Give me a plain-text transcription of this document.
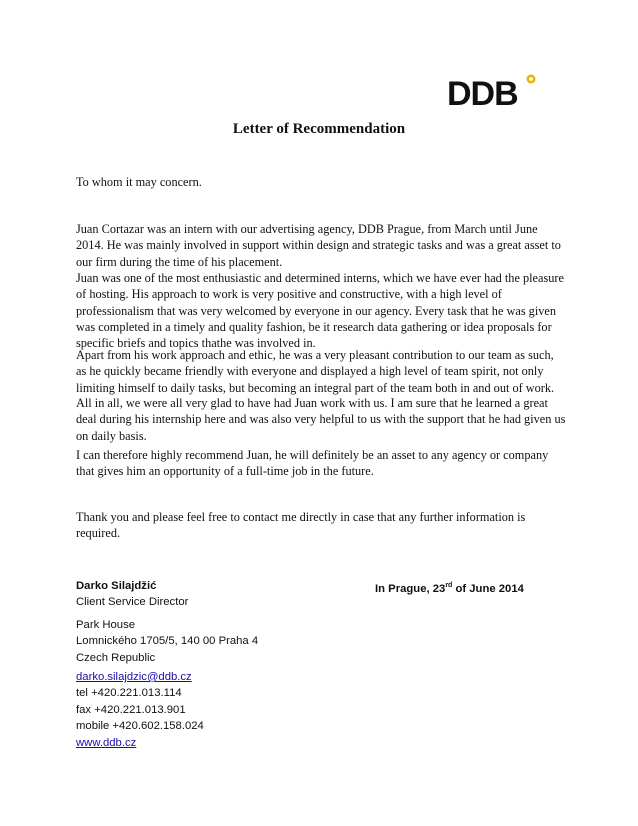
DDB
Letter of Recommendation

To whom it may concern.

Juan Cortazar was an intern with our advertising agency, DDB Prague, from March until June 2014. He was mainly involved in support within design and strategic tasks and was a great asset to our firm during the time of his placement.

Juan was one of the most enthusiastic and determined interns, which we have ever had the pleasure of hosting. His approach to work is very positive and constructive, with a high level of professionalism that was very welcomed by everyone in our agency. Every task that he was given was completed in a timely and quality fashion, be it research data gathering or idea proposals for specific briefs and topics thathe was involved in.

Apart from his work approach and ethic, he was a very pleasant contribution to our team as such, as he quickly became friendly with everyone and displayed a high level of team spirit, not only limiting himself to daily tasks, but becoming an integral part of the team both in and out of work.

All in all, we were all very glad to have had Juan work with us. I am sure that he learned a great deal during his internship here and was also very helpful to us with the support that he had given us on daily basis.

I can therefore highly recommend Juan, he will definitely be an asset to any agency or company that gives him an opportunity of a full-time job in the future.

Thank you and please feel free to contact me directly in case that any further information is required.

Darko Silajdžić

Client Service Director

Park House
Lomnického 1705/5, 140 00 Praha 4
Czech Republic
darko.silajdzic@ddb.cz
tel +420.221.013.114
fax +420.221.013.901
mobile +420.602.158.024
www.ddb.cz

In Prague, 23rd of June 2014
